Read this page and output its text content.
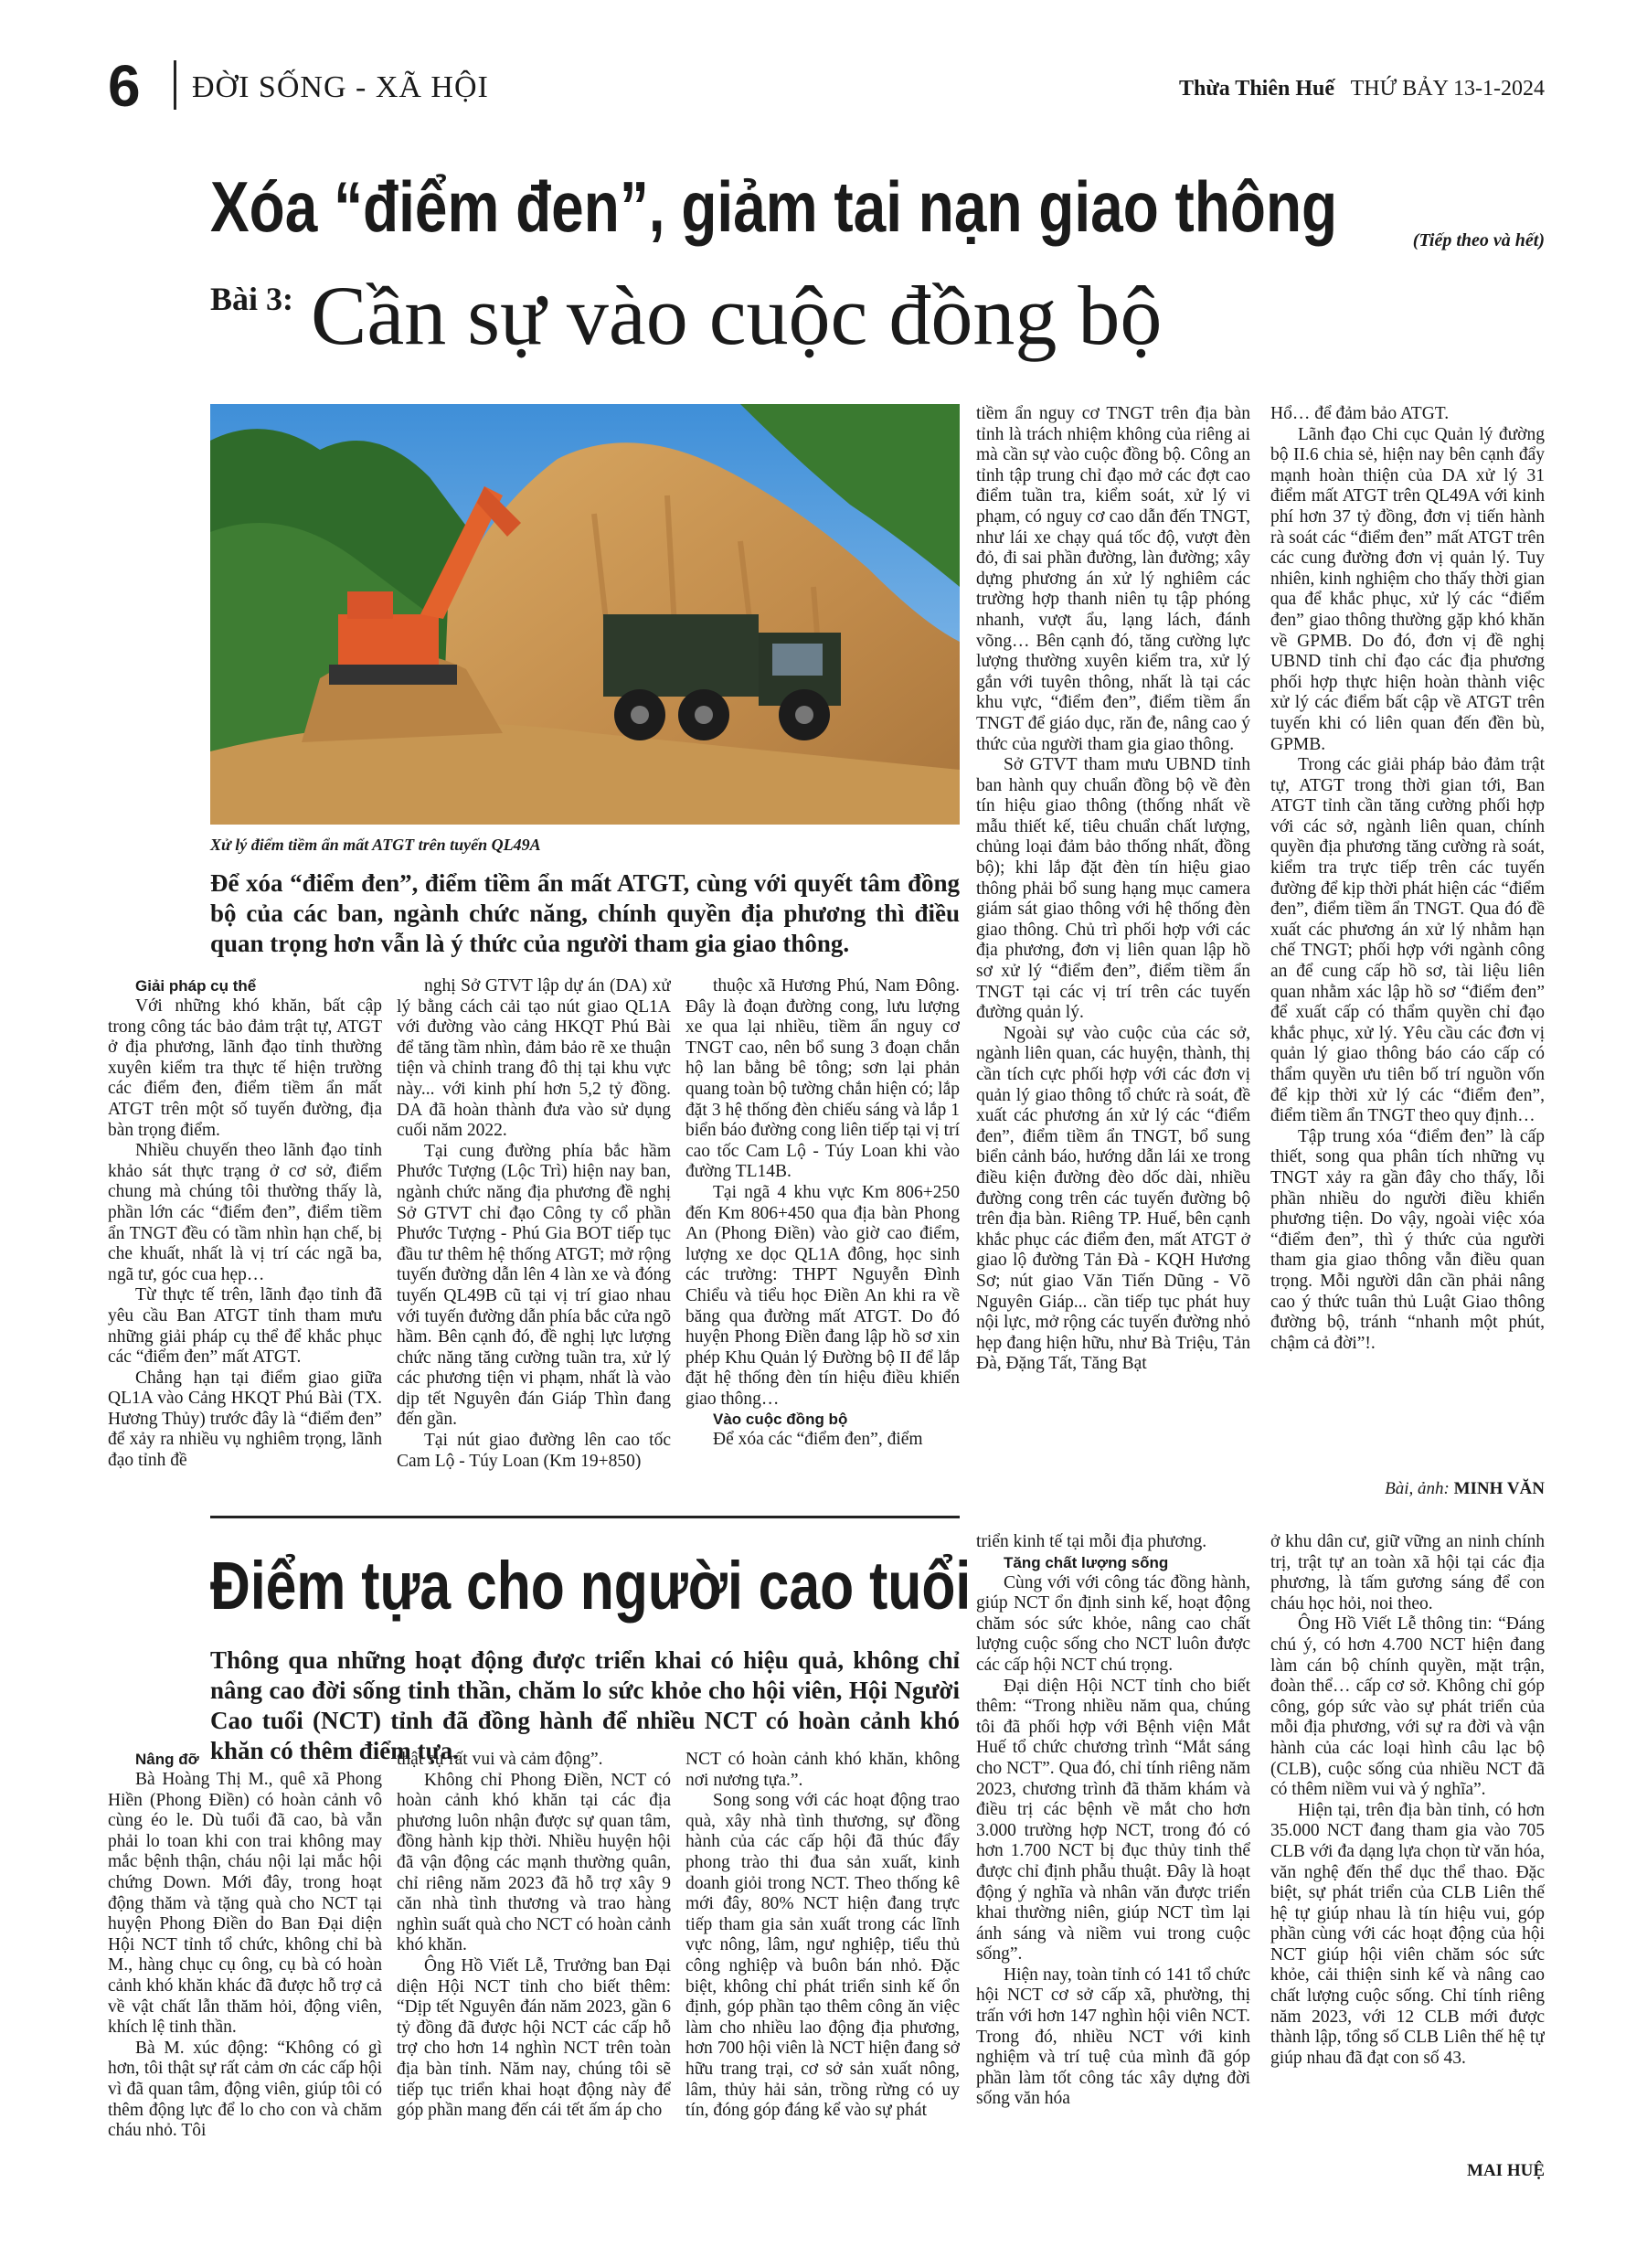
6 ĐỜI SỐNG - XÃ HỘI	Thừa Thiên Huế THỨ BẢY 13-1-2024
Xóa “điểm đen”, giảm tai nạn giao thông	(Tiếp theo và hết)
Bài 3: Cần sự vào cuộc đồng bộ
Xử lý điểm tiềm ẩn mất ATGT trên tuyến QL49A
Để xóa “điểm đen”, điểm tiềm ẩn mất ATGT, cùng với quyết tâm đồng bộ của các ban, ngành chức năng, chính quyền địa phương thì điều quan trọng hơn vẫn là ý thức của người tham gia giao thông.

Giải pháp cụ thể

Với những khó khăn, bất cập trong công tác bảo đảm trật tự, ATGT ở địa phương, lãnh đạo tỉnh thường xuyên kiểm tra thực tế hiện trường các điểm đen, điểm tiềm ẩn mất ATGT trên một số tuyến đường, địa bàn trọng điểm.

Nhiều chuyến theo lãnh đạo tỉnh khảo sát thực trạng ở cơ sở, điểm chung mà chúng tôi thường thấy là, phần lớn các “điểm đen”, điểm tiềm ẩn TNGT đều có tầm nhìn hạn chế, bị che khuất, nhất là vị trí các ngã ba, ngã tư, góc cua hẹp…

Từ thực tế trên, lãnh đạo tỉnh đã yêu cầu Ban ATGT tỉnh tham mưu những giải pháp cụ thể để khắc phục các “điểm đen” mất ATGT.

Chẳng hạn tại điểm giao giữa QL1A vào Cảng HKQT Phú Bài (TX. Hương Thủy) trước đây là “điểm đen” để xảy ra nhiều vụ nghiêm trọng, lãnh đạo tỉnh đề

nghị Sở GTVT lập dự án (DA) xử lý bằng cách cải tạo nút giao QL1A với đường vào cảng HKQT Phú Bài để tăng tầm nhìn, đảm bảo rẽ xe thuận tiện và chỉnh trang đô thị tại khu vực này... với kinh phí hơn 5,2 tỷ đồng. DA đã hoàn thành đưa vào sử dụng cuối năm 2022.

Tại cung đường phía bắc hầm Phước Tượng (Lộc Trì) hiện nay ban, ngành chức năng địa phương đề nghị Sở GTVT chỉ đạo Công ty cổ phần Phước Tượng - Phú Gia BOT tiếp tục đầu tư thêm hệ thống ATGT; mở rộng tuyến đường dẫn lên 4 làn xe và đóng tuyến QL49B cũ tại vị trí giao nhau với tuyến đường dẫn phía bắc cửa ngõ hầm. Bên cạnh đó, đề nghị lực lượng chức năng tăng cường tuần tra, xử lý các phương tiện vi phạm, nhất là vào dịp tết Nguyên đán Giáp Thìn đang đến gần.

Tại nút giao đường lên cao tốc Cam Lộ - Túy Loan (Km 19+850)

thuộc xã Hương Phú, Nam Đông. Đây là đoạn đường cong, lưu lượng xe qua lại nhiều, tiềm ẩn nguy cơ TNGT cao, nên bổ sung 3 đoạn chắn hộ lan bằng bê tông; sơn lại phản quang toàn bộ tường chắn hiện có; lắp đặt 3 hệ thống đèn chiếu sáng và lắp 1 biển báo đường cong liên tiếp tại vị trí cao tốc Cam Lộ - Túy Loan khi vào đường TL14B.

Tại ngã 4 khu vực Km 806+250 đến Km 806+450 qua địa bàn Phong An (Phong Điền) vào giờ cao điểm, lượng xe dọc QL1A đông, học sinh các trường: THPT Nguyễn Đình Chiểu và tiểu học Điền An khi ra về băng qua đường mất ATGT. Do đó huyện Phong Điền đang lập hồ sơ xin phép Khu Quản lý Đường bộ II để lắp đặt hệ thống đèn tín hiệu điều khiển giao thông…

Vào cuộc đồng bộ

Để xóa các “điểm đen”, điểm

tiềm ẩn nguy cơ TNGT trên địa bàn tỉnh là trách nhiệm không của riêng ai mà cần sự vào cuộc đồng bộ. Công an tỉnh tập trung chỉ đạo mở các đợt cao điểm tuần tra, kiểm soát, xử lý vi phạm, có nguy cơ cao dẫn đến TNGT, như lái xe chạy quá tốc độ, vượt đèn đỏ, đi sai phần đường, làn đường; xây dựng phương án xử lý nghiêm các trường hợp thanh niên tụ tập phóng nhanh, vượt ẩu, lạng lách, đánh võng… Bên cạnh đó, tăng cường lực lượng thường xuyên kiểm tra, xử lý gắn với tuyên thông, nhất là tại các khu vực, “điểm đen”, điểm tiềm ẩn TNGT để giáo dục, răn đe, nâng cao ý thức của người tham gia giao thông.

Sở GTVT tham mưu UBND tỉnh ban hành quy chuẩn đồng bộ về đèn tín hiệu giao thông (thống nhất về mẫu thiết kế, tiêu chuẩn chất lượng, chủng loại đảm bảo thống nhất, đồng bộ); khi lắp đặt đèn tín hiệu giao thông phải bổ sung hạng mục camera giám sát giao thông với hệ thống đèn giao thông. Chủ trì phối hợp với các địa phương, đơn vị liên quan lập hồ sơ xử lý “điểm đen”, điểm tiềm ẩn TNGT tại các vị trí trên các tuyến đường quản lý.

Ngoài sự vào cuộc của các sở, ngành liên quan, các huyện, thành, thị cần tích cực phối hợp với các đơn vị quản lý giao thông tổ chức rà soát, đề xuất các phương án xử lý các “điểm đen”, điểm tiềm ẩn TNGT, bổ sung biển cảnh báo, hướng dẫn lái xe trong điều kiện đường đèo dốc dài, nhiều đường cong trên các tuyến đường bộ trên địa bàn. Riêng TP. Huế, bên cạnh khắc phục các điểm đen, mất ATGT ở giao lộ đường Tản Đà - KQH Hương Sơ; nút giao Văn Tiến Dũng - Võ Nguyên Giáp... cần tiếp tục phát huy nội lực, mở rộng các tuyến đường nhỏ hẹp đang hiện hữu, như Bà Triệu, Tản Đà, Đặng Tất, Tăng Bạt

Hổ… để đảm bảo ATGT.

Lãnh đạo Chi cục Quản lý đường bộ II.6 chia sẻ, hiện nay bên cạnh đẩy mạnh hoàn thiện của DA xử lý 31 điểm mất ATGT trên QL49A với kinh phí hơn 37 tỷ đồng, đơn vị tiến hành rà soát các “điểm đen” mất ATGT trên các cung đường đơn vị quản lý. Tuy nhiên, kinh nghiệm cho thấy thời gian qua để khắc phục, xử lý các “điểm đen” giao thông thường gặp khó khăn về GPMB. Do đó, đơn vị đề nghị UBND tỉnh chỉ đạo các địa phương phối hợp thực hiện hoàn thành việc xử lý các điểm bất cập về ATGT trên tuyến khi có liên quan đến đền bù, GPMB.

Trong các giải pháp bảo đảm trật tự, ATGT trong thời gian tới, Ban ATGT tỉnh cần tăng cường phối hợp với các sở, ngành liên quan, chính quyền địa phương tăng cường rà soát, kiểm tra trực tiếp trên các tuyến đường để kịp thời phát hiện các “điểm đen”, điểm tiềm ẩn TNGT. Qua đó đề xuất các phương án xử lý nhằm hạn chế TNGT; phối hợp với ngành công an để cung cấp hồ sơ, tài liệu liên quan nhằm xác lập hồ sơ “điểm đen” để xuất cấp có thẩm quyền chỉ đạo khắc phục, xử lý. Yêu cầu các đơn vị quản lý giao thông báo cáo cấp có thẩm quyền ưu tiên bố trí nguồn vốn để kịp thời xử lý các “điểm đen”, điểm tiềm ẩn TNGT theo quy định…

Tập trung xóa “điểm đen” là cấp thiết, song qua phân tích những vụ TNGT xảy ra gần đây cho thấy, lỗi phần nhiều do người điều khiển phương tiện. Do vậy, ngoài việc xóa “điểm đen”, thì ý thức của người tham gia giao thông vẫn điều quan trọng. Mỗi người dân cần phải nâng cao ý thức tuân thủ Luật Giao thông đường bộ, tránh “nhanh một phút, chậm cả đời”!.

Bài, ảnh: MINH VĂN
Điểm tựa cho người cao tuổi
Thông qua những hoạt động được triển khai có hiệu quả, không chỉ nâng cao đời sống tinh thần, chăm lo sức khỏe cho hội viên, Hội Người Cao tuổi (NCT) tỉnh đã đồng hành để nhiều NCT có hoàn cảnh khó khăn có thêm điểm tựa.

Nâng đỡ

Bà Hoàng Thị M., quê xã Phong Hiền (Phong Điền) có hoàn cảnh vô cùng éo le. Dù tuổi đã cao, bà vẫn phải lo toan khi con trai không may mắc bệnh thận, cháu nội lại mắc hội chứng Down. Mới đây, trong hoạt động thăm và tặng quà cho NCT tại huyện Phong Điền do Ban Đại diện Hội NCT tỉnh tổ chức, không chỉ bà M., hàng chục cụ ông, cụ bà có hoàn cảnh khó khăn khác đã được hỗ trợ cả về vật chất lẫn thăm hỏi, động viên, khích lệ tinh thần.

Bà M. xúc động: “Không có gì hơn, tôi thật sự rất cảm ơn các cấp hội vì đã quan tâm, động viên, giúp tôi có thêm động lực để lo cho con và chăm cháu nhỏ. Tôi

thật sự rất vui và cảm động”.

Không chỉ Phong Điền, NCT có hoàn cảnh khó khăn tại các địa phương luôn nhận được sự quan tâm, đồng hành kịp thời. Nhiều huyện hội đã vận động các mạnh thường quân, chỉ riêng năm 2023 đã hỗ trợ xây 9 căn nhà tình thương và trao hàng nghìn suất quà cho NCT có hoàn cảnh khó khăn.

Ông Hồ Viết Lễ, Trưởng ban Đại diện Hội NCT tỉnh cho biết thêm: “Dịp tết Nguyên đán năm 2023, gần 6 tỷ đồng đã được hội NCT các cấp hỗ trợ cho hơn 14 nghìn NCT trên toàn địa bàn tỉnh. Năm nay, chúng tôi sẽ tiếp tục triển khai hoạt động này để góp phần mang đến cái tết ấm áp cho

NCT có hoàn cảnh khó khăn, không nơi nương tựa.”.

Song song với các hoạt động trao quà, xây nhà tình thương, sự đồng hành của các cấp hội đã thúc đẩy phong trào thi đua sản xuất, kinh doanh giỏi trong NCT. Theo thống kê mới đây, 80% NCT hiện đang trực tiếp tham gia sản xuất trong các lĩnh vực nông, lâm, ngư nghiệp, tiểu thủ công nghiệp và buôn bán nhỏ. Đặc biệt, không chỉ phát triển sinh kế ổn định, góp phần tạo thêm công ăn việc làm cho nhiều lao động địa phương, hơn 700 hội viên là NCT hiện đang sở hữu trang trại, cơ sở sản xuất nông, lâm, thủy hải sản, trồng rừng có uy tín, đóng góp đáng kể vào sự phát

triển kinh tế tại mỗi địa phương.

Tăng chất lượng sống

Cùng với với công tác đồng hành, giúp NCT ổn định sinh kế, hoạt động chăm sóc sức khỏe, nâng cao chất lượng cuộc sống cho NCT luôn được các cấp hội NCT chú trọng.

Đại diện Hội NCT tỉnh cho biết thêm: “Trong nhiều năm qua, chúng tôi đã phối hợp với Bệnh viện Mắt Huế tổ chức chương trình “Mắt sáng cho NCT”. Qua đó, chỉ tính riêng năm 2023, chương trình đã thăm khám và điều trị các bệnh về mắt cho hơn 3.000 trường hợp NCT, trong đó có hơn 1.700 NCT bị đục thủy tinh thể được chỉ định phẫu thuật. Đây là hoạt động ý nghĩa và nhân văn được triển khai thường niên, giúp NCT tìm lại ánh sáng và niềm vui trong cuộc sống”.

Hiện nay, toàn tỉnh có 141 tổ chức hội NCT cơ sở cấp xã, phường, thị trấn với hơn 147 nghìn hội viên NCT. Trong đó, nhiều NCT với kinh nghiệm và trí tuệ của mình đã góp phần làm tốt công tác xây dựng đời sống văn hóa

ở khu dân cư, giữ vững an ninh chính trị, trật tự an toàn xã hội tại các địa phương, là tấm gương sáng để con cháu học hỏi, noi theo.

Ông Hồ Viết Lễ thông tin: “Đáng chú ý, có hơn 4.700 NCT hiện đang làm cán bộ chính quyền, mặt trận, đoàn thể… cấp cơ sở. Không chỉ góp công, góp sức vào sự phát triển của mỗi địa phương, với sự ra đời và vận hành của các loại hình câu lạc bộ (CLB), cuộc sống của nhiều NCT đã có thêm niềm vui và ý nghĩa”.

Hiện tại, trên địa bàn tỉnh, có hơn 35.000 NCT đang tham gia vào 705 CLB với đa dạng lựa chọn từ văn hóa, văn nghệ đến thể dục thể thao. Đặc biệt, sự phát triển của CLB Liên thế hệ tự giúp nhau là tín hiệu vui, góp phần cùng với các hoạt động của hội NCT giúp hội viên chăm sóc sức khỏe, cải thiện sinh kế và nâng cao chất lượng cuộc sống. Chỉ tính riêng năm 2023, với 12 CLB mới được thành lập, tổng số CLB Liên thế hệ tự giúp nhau đã đạt con số 43.

MAI HUỆ
